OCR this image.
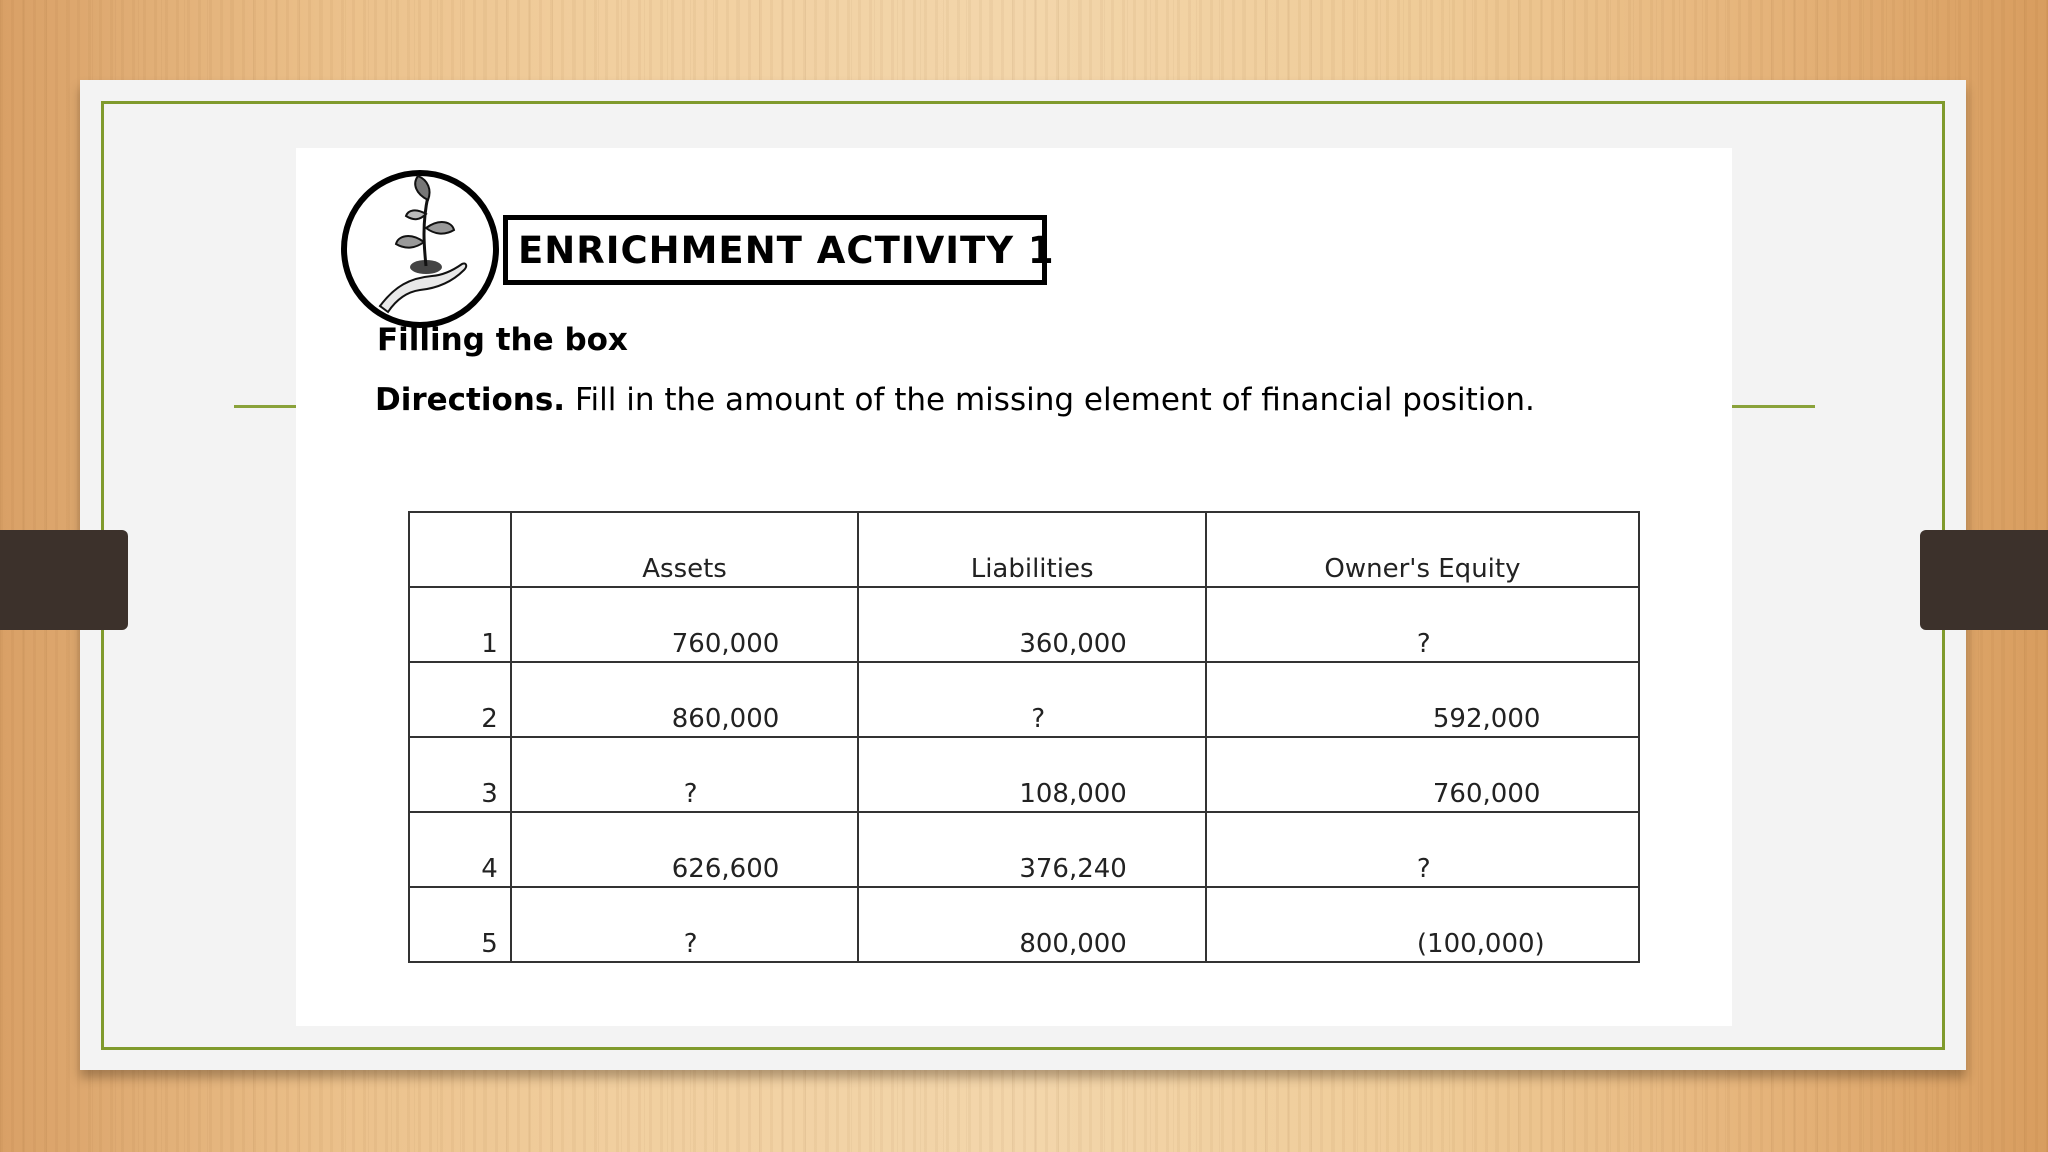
ENRICHMENT ACTIVITY 1
Filling the box
Directions. Fill in the amount of the missing element of financial position.

	Assets	Liabilities	Owner's Equity

1	760,000	360,000	?

2	860,000	?	592,000

3	?	108,000	760,000

4	626,600	376,240	?

5	?	800,000	(100,000)
